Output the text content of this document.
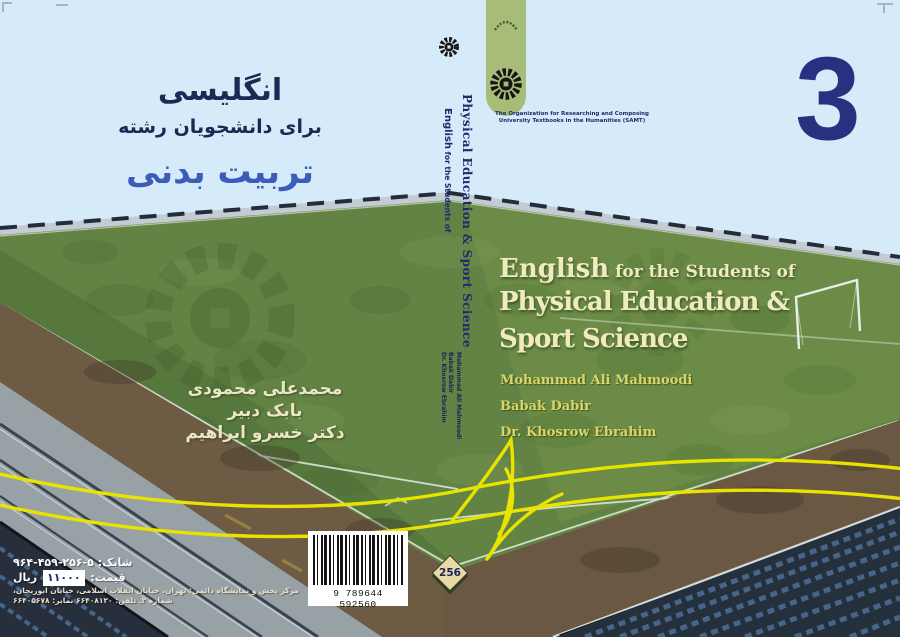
انگلیسی
برای دانشجویان رشته
تربیت بدنی
محمدعلی محمودی
بابک دبیر
دکتر خسرو ابراهیم
Physical Education & Sport Science
English for the Students of
Mohammad Ali Mahmoodi
Babak Dabir
Dr. Khosrow Ebrahim
The Organization for Researching and Composing
University Textbooks in the Humanities (SAMT) 3
English for the Students of
Physical Education &
Sport Science
Mohammad Ali Mahmoodi
Babak Dabir
Dr. Khosrow Ebrahim
9 789644 592560
256
شابک: ۹۶۴-۴۵۹-۲۵۶-۵
قیمت: ۱۱۰۰۰ ریال
مرکز پخش و نمایشگاه دائمی: تهران، خیابان انقلاب اسلامی، خیابان ابوریحان،
شماره ۲ـ تلفن: ۶۶۴۰۸۱۲۰ نمابر: ۶۶۴۰۵۶۷۸
